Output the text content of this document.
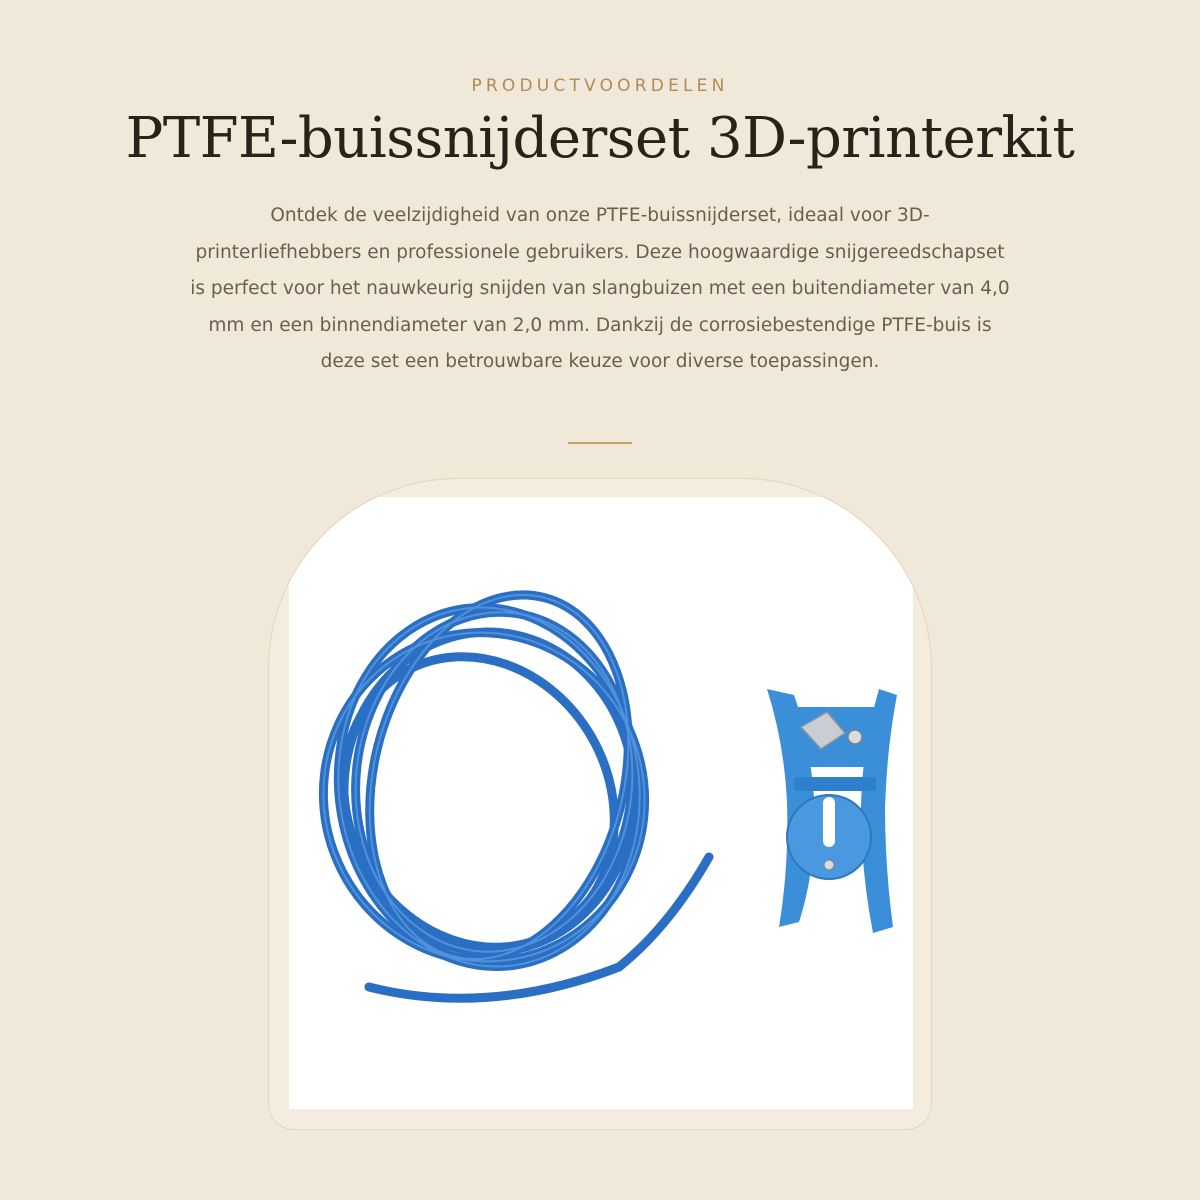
PRODUCTVOORDELEN
PTFE-buissnijderset 3D-printerkit

Ontdek de veelzijdigheid van onze PTFE-buissnijderset, ideaal voor 3D-printerliefhebbers en professionele gebruikers. Deze hoogwaardige snijgereedschapset is perfect voor het nauwkeurig snijden van slangbuizen met een buitendiameter van 4,0 mm en een binnendiameter van 2,0 mm. Dankzij de corrosiebestendige PTFE-buis is deze set een betrouwbare keuze voor diverse toepassingen.
